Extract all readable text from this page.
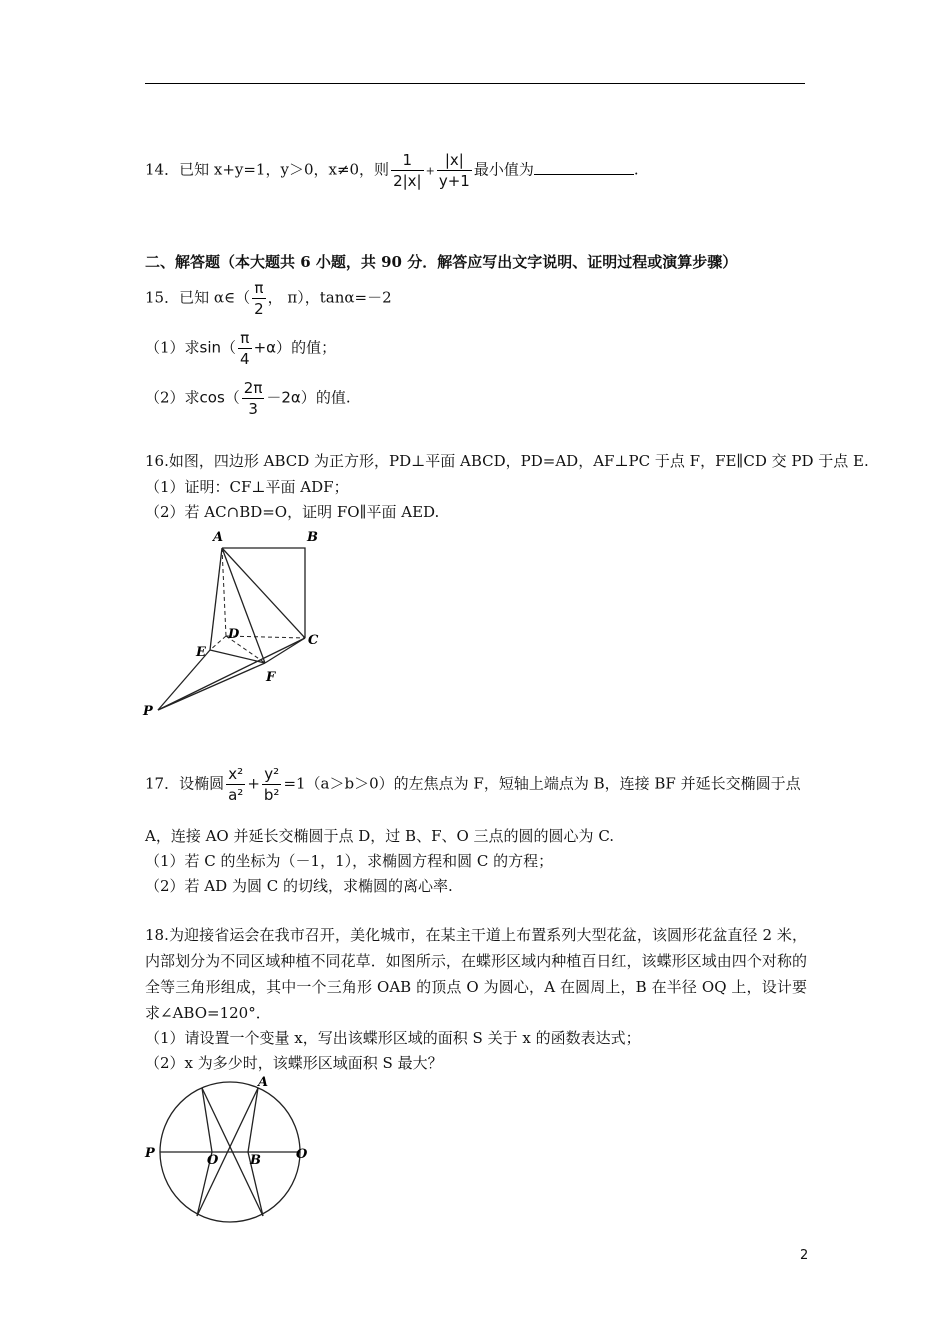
14．已知 x+y=1，y＞0，x≠0，则 $\frac{1}{2|x|} + \frac{|x|}{y+1}$ 最小值为	.
二、解答题（本大题共 6 小题，共 90 分．解答应写出文字说明、证明过程或演算步骤）
15．已知 α∈（ $\frac{\pi}{2}$ ， π），tanα=－2
（1）求$\sin( \frac{\pi}{4} +\alpha)$的值；
（2）求$\cos( \frac{2\pi}{3} -2\alpha)$的值.
16.如图，四边形 ABCD 为正方形，PD⊥平面 ABCD，PD=AD，AF⊥PC 于点 F，FE∥CD 交 PD 于点 E.
（1）证明：CF⊥平面 ADF；
（2）若 AC∩BD=O，证明 FO∥平面 AED.
A	B
C
D
E
F
P
17．设椭圆 $\frac{\text{x²}}{\text{a²}} + \frac{\text{y²}}{\text{b²}} =1(a>b>0)$的左焦点为 F，短轴上端点为 B，连接 BF 并延长交椭圆于点
A，连接 AO 并延长交椭圆于点 D，过 B、F、O 三点的圆的圆心为 C.
（1）若 C 的坐标为（－1，1），求椭圆方程和圆 C 的方程；
（2）若 AD 为圆 C 的切线，求椭圆的离心率.
18.为迎接省运会在我市召开，美化城市，在某主干道上布置系列大型花盆，该圆形花盆直径 2 米，内部划分为不同区域种植不同花草．如图所示，在蝶形区域内种植百日红，该蝶形区域由四个对称的全等三角形组成，其中一个三角形 OAB 的顶点 O 为圆心，A 在圆周上，B 在半径 OQ 上，设计要求∠ABO=120°．
（1）请设置一个变量 x，写出该蝶形区域的面积 S 关于 x 的函数表达式；
（2）x 为多少时，该蝶形区域面积 S 最大？
A
P	O B	O
2
